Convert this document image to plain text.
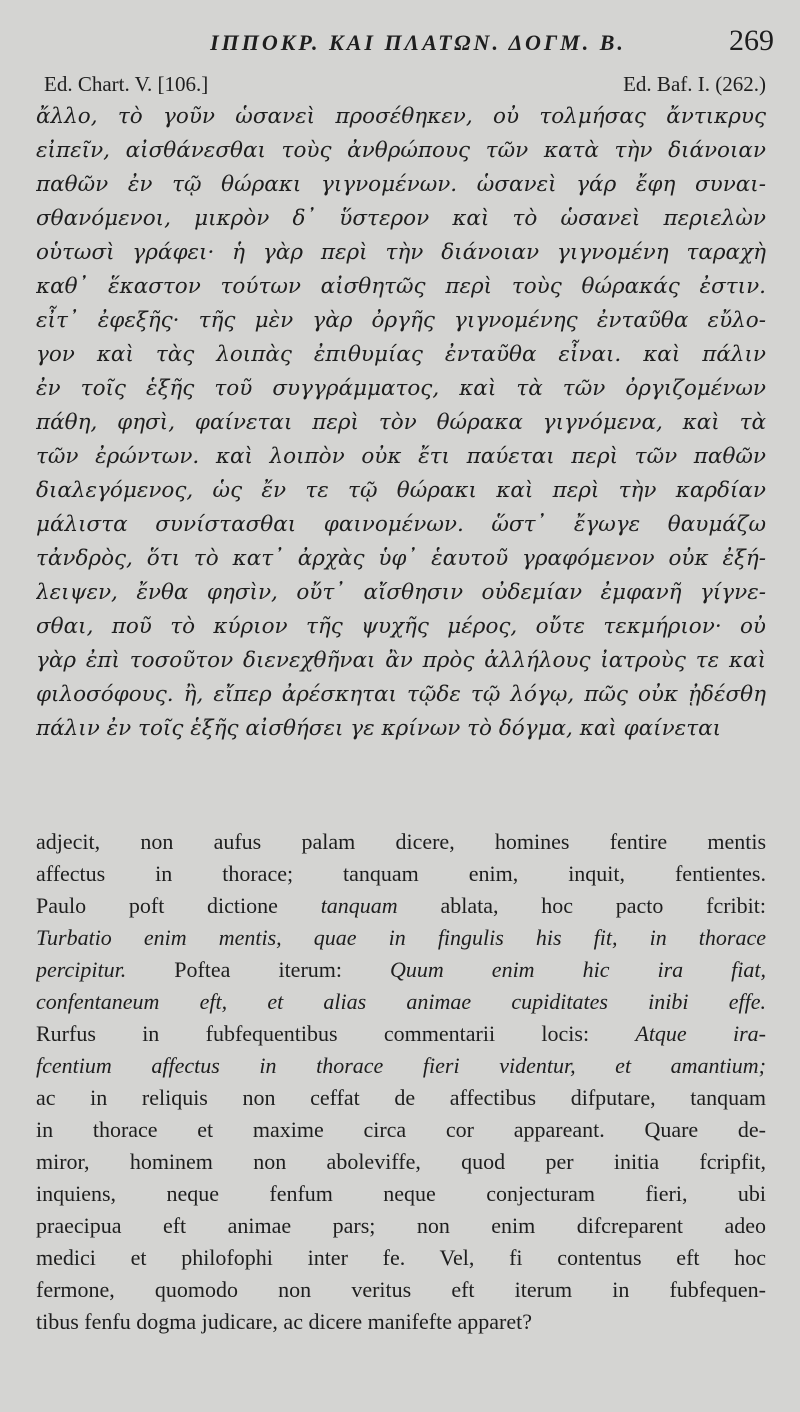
ΙΠΠΟΚΡ. ΚΑΙ ΠΛΑΤΩΝ. ΔΟΓΜ. Β.	269
Ed. Chart. V. [106.]	Ed. Baf. I. (262.)
ἄλλο, τὸ γοῦν ὡσανεὶ προσέθηκεν, οὐ τολμήσας ἄντικρυς
εἰπεῖν, αἰσθάνεσθαι τοὺς ἀνθρώπους τῶν κατὰ τὴν διάνοιαν
παθῶν ἐν τῷ θώρακι γιγνομένων. ὡσανεὶ γάρ ἔφη συναι-
σθανόμενοι, μικρὸν δ᾽ ὕστερον καὶ τὸ ὡσανεὶ περιελὼν
οὑτωσὶ γράφει· ἡ γὰρ περὶ τὴν διάνοιαν γιγνομένη ταραχὴ
καθ᾽ ἕκαστον τούτων αἰσθητῶς περὶ τοὺς θώρακάς ἐστιν.
εἶτ᾽ ἐφεξῆς· τῆς μὲν γὰρ ὀργῆς γιγνομένης ἐνταῦθα εὔλο-
γον καὶ τὰς λοιπὰς ἐπιθυμίας ἐνταῦθα εἶναι. καὶ πάλιν
ἐν τοῖς ἑξῆς τοῦ συγγράμματος, καὶ τὰ τῶν ὀργιζομένων
πάθη, φησὶ, φαίνεται περὶ τὸν θώρακα γιγνόμενα, καὶ τὰ
τῶν ἐρώντων. καὶ λοιπὸν οὐκ ἔτι παύεται περὶ τῶν παθῶν
διαλεγόμενος, ὡς ἔν τε τῷ θώρακι καὶ περὶ τὴν καρδίαν
μάλιστα συνίστασθαι φαινομένων. ὥστ᾽ ἔγωγε θαυμάζω
τἀνδρὸς, ὅτι τὸ κατ᾽ ἀρχὰς ὑφ᾽ ἑαυτοῦ γραφόμενον οὐκ ἐξή-
λειψεν, ἔνθα φησὶν, οὔτ᾽ αἴσθησιν οὐδεμίαν ἐμφανῆ γίγνε-
σθαι, ποῦ τὸ κύριον τῆς ψυχῆς μέρος, οὔτε τεκμήριον· οὐ
γὰρ ἐπὶ τοσοῦτον διενεχθῆναι ἂν πρὸς ἀλλήλους ἰατροὺς τε καὶ
φιλοσόφους. ἢ, εἴπερ ἀρέσκηται τῷδε τῷ λόγῳ, πῶς οὐκ ᾐδέσθη
πάλιν ἐν τοῖς ἑξῆς αἰσθήσει γε κρίνων τὸ δόγμα, καὶ φαίνεται
adjecit, non aufus palam dicere, homines fentire mentis
affectus in thorace; tanquam enim, inquit, fentientes.
Paulo poft dictione tanquam ablata, hoc pacto fcribit:
Turbatio enim mentis, quae in fingulis his fit, in thorace
percipitur. Poftea iterum: Quum enim hic ira fiat,
confentaneum eft, et alias animae cupiditates inibi effe.
Rurfus in fubfequentibus commentarii locis: Atque ira-
fcentium affectus in thorace fieri videntur, et amantium;
ac in reliquis non ceffat de affectibus difputare, tanquam
in thorace et maxime circa cor appareant. Quare de-
miror, hominem non aboleviffe, quod per initia fcripfit,
inquiens, neque fenfum neque conjecturam fieri, ubi
praecipua eft animae pars; non enim difcreparent adeo
medici et philofophi inter fe. Vel, fi contentus eft hoc
fermone, quomodo non veritus eft iterum in fubfequen-
tibus fenfu dogma judicare, ac dicere manifefte apparet?
